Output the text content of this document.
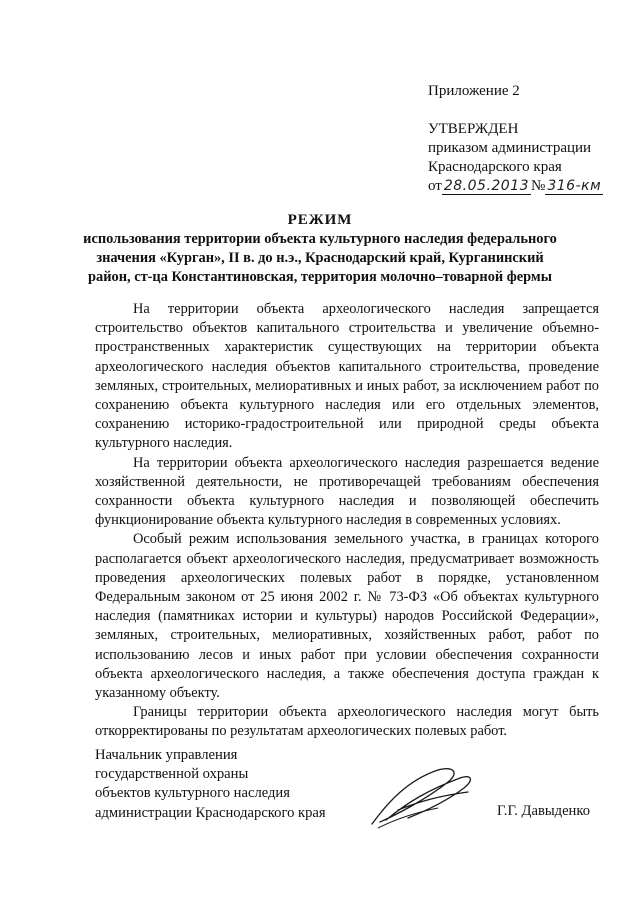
Приложение 2
УТВЕРЖДЕН
приказом администрации
Краснодарского края
от 28.05.2013 № 316-км
РЕЖИМ
использования территории объекта культурного наследия федерального значения «Курган», II в. до н.э., Краснодарский край, Курганинский район, ст-ца Константиновская, территория молочно–товарной фермы

На территории объекта археологического наследия запрещается строительство объектов капитального строительства и увеличение объемно-пространственных характеристик существующих на территории объекта археологического наследия объектов капитального строительства, проведение земляных, строительных, мелиоративных и иных работ, за исключением работ по сохранению объекта культурного наследия или его отдельных элементов, сохранению историко-градостроительной или природной среды объекта культурного наследия.

На территории объекта археологического наследия разрешается ведение хозяйственной деятельности, не противоречащей требованиям обеспечения сохранности объекта культурного наследия и позволяющей обеспечить функционирование объекта культурного наследия в современных условиях.

Особый режим использования земельного участка, в границах которого располагается объект археологического наследия, предусматривает возможность проведения археологических полевых работ в порядке, установленном Федеральным законом от 25 июня 2002 г. № 73-ФЗ «Об объектах культурного наследия (памятниках истории и культуры) народов Российской Федерации», земляных, строительных, мелиоративных, хозяйственных работ, работ по использованию лесов и иных работ при условии обеспечения сохранности объекта археологического наследия, а также обеспечения доступа граждан к указанному объекту.

Границы территории объекта археологического наследия могут быть откорректированы по результатам археологических полевых работ.

Начальник управления
государственной охраны
объектов культурного наследия
администрации Краснодарского края	Г.Г. Давыденко
